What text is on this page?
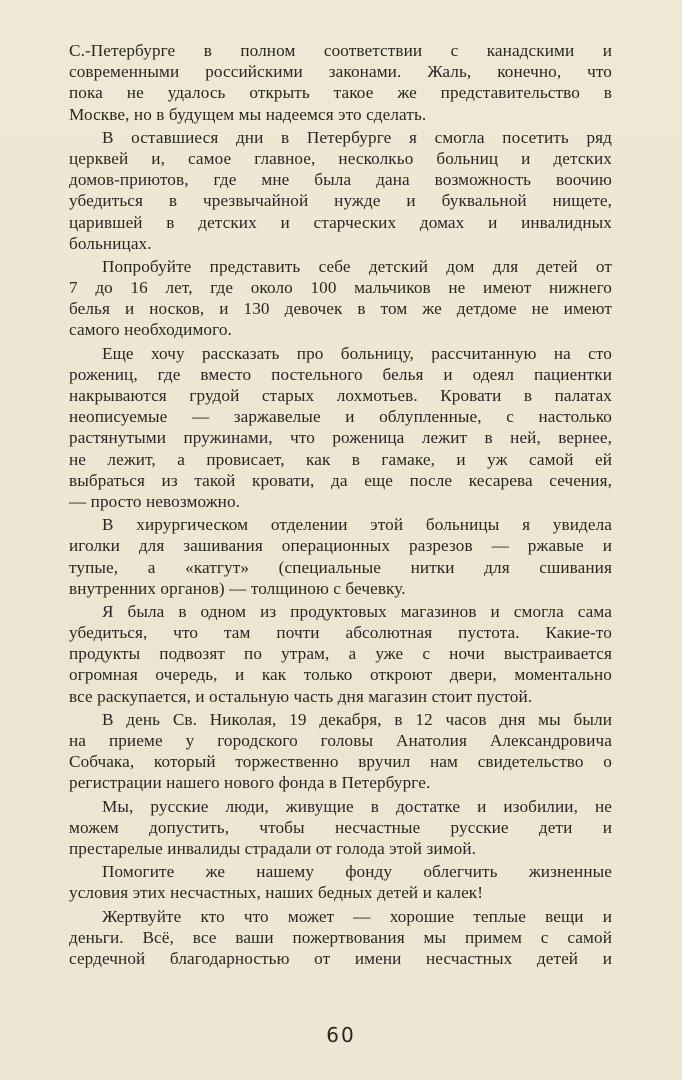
С.-Петербурге в полном соответствии с канадскими и
современными российскими законами. Жаль, конечно, что
пока не удалось открыть такое же представительство в
Москве, но в будущем мы надеемся это сделать.
В оставшиеся дни в Петербурге я смогла посетить ряд
церквей и, самое главное, несколкьо больниц и детских
домов-приютов, где мне была дана возможность воочию
убедиться в чрезвычайной нужде и буквальной нищете,
царившей в детских и старческих домах и инвалидных
больницах.
Попробуйте представить себе детский дом для детей от
7 до 16 лет, где около 100 мальчиков не имеют нижнего
белья и носков, и 130 девочек в том же детдоме не имеют
самого необходимого.
Еще хочу рассказать про больницу, рассчитанную на сто
рожениц, где вместо постельного белья и одеял пациентки
накрываются грудой старых лохмотьев. Кровати в палатах
неописуемые — заржавелые и облупленные, с настолько
растянутыми пружинами, что роженица лежит в ней, вернее,
не лежит, а провисает, как в гамаке, и уж самой ей
выбраться из такой кровати, да еще после кесарева сечения,
— просто невозможно.
В хирургическом отделении этой больницы я увидела
иголки для зашивания операционных разрезов — ржавые и
тупые, а «катгут» (специальные нитки для сшивания
внутренних органов) — толщиною с бечевку.
Я была в одном из продуктовых магазинов и смогла сама
убедиться, что там почти абсолютная пустота. Какие-то
продукты подвозят по утрам, а уже с ночи выстраивается
огромная очередь, и как только откроют двери, моментально
все раскупается, и остальную часть дня магазин стоит пустой.
В день Св. Николая, 19 декабря, в 12 часов дня мы были
на приеме у городского головы Анатолия Александровича
Собчака, который торжественно вручил нам свидетельство о
регистрации нашего нового фонда в Петербурге.
Мы, русские люди, живущие в достатке и изобилии, не
можем допустить, чтобы несчастные русские дети и
престарелые инвалиды страдали от голода этой зимой.
Помогите же нашему фонду облегчить жизненные
условия этих несчастных, наших бедных детей и калек!
Жертвуйте кто что может — хорошие теплые вещи и
деньги. Всё, все ваши пожертвования мы примем с самой
сердечной благодарностью от имени несчастных детей и
60
